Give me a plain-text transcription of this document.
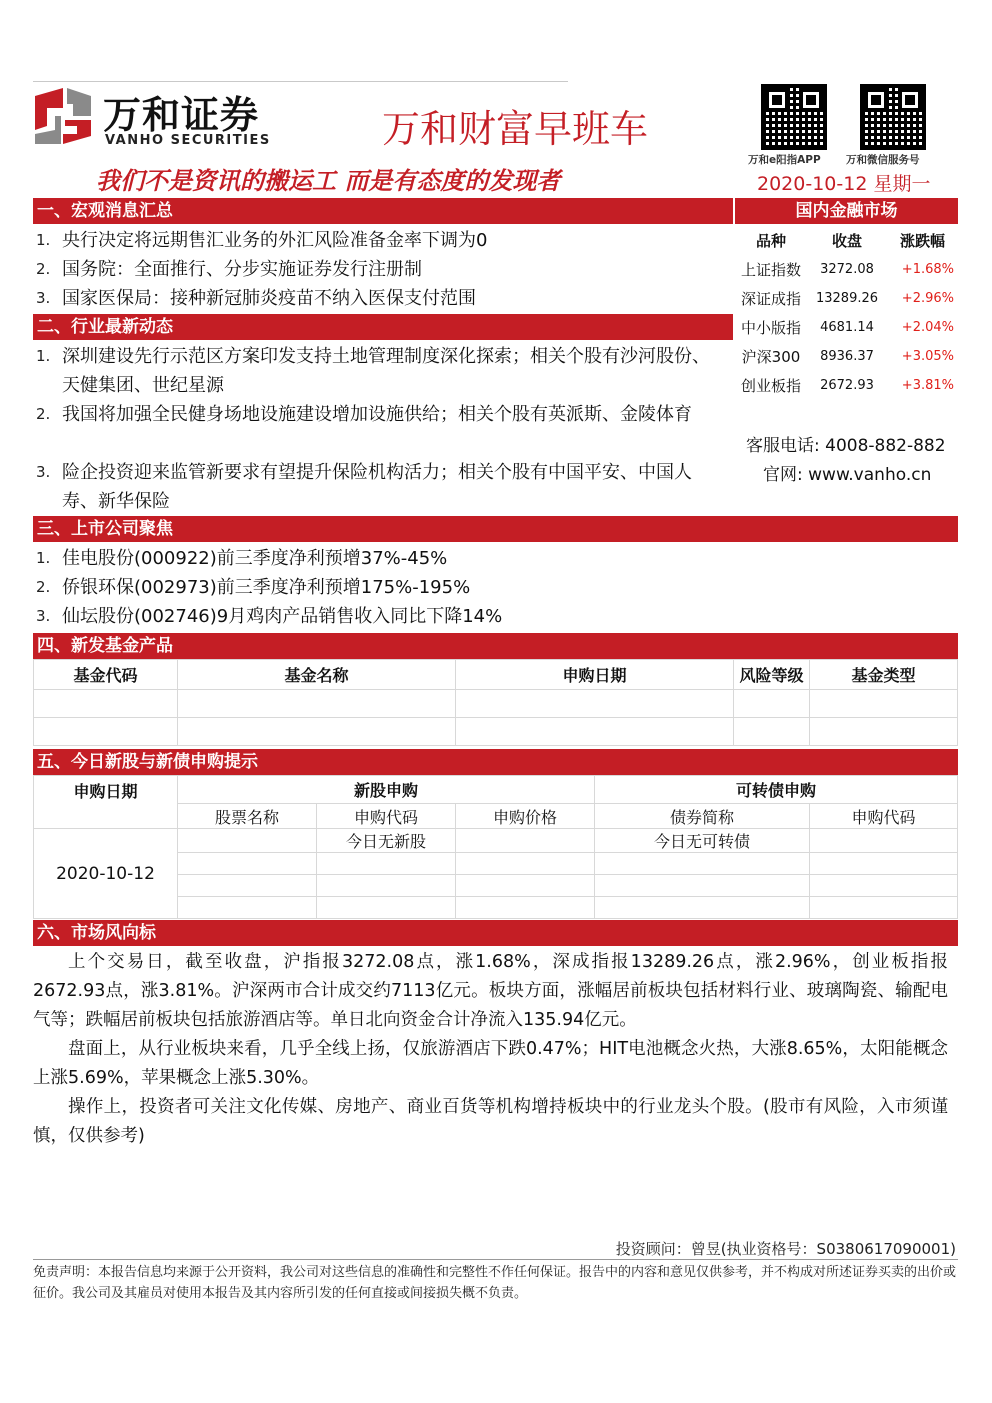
万和证券
VANHO SECURITIES	万和财富早班车
我们不是资讯的搬运工 而是有态度的发现者
万和e阳指APP 万和微信服务号
2020-10-12 星期一
一、宏观消息汇总	国内金融市场
1. 央行决定将远期售汇业务的外汇风险准备金率下调为0
2. 国务院：全面推行、分步实施证券发行注册制
3. 国家医保局：接种新冠肺炎疫苗不纳入医保支付范围
品种	收盘	涨跌幅
上证指数	3272.08	+1.68%
深证成指	13289.26	+2.96%
中小版指	4681.14	+2.04%
沪深300	8936.37	+3.05%
创业板指	2672.93	+3.81%
客服电话: 4008-882-882
官网: www.vanho.cn
二、行业最新动态
1. 深圳建设先行示范区方案印发支持土地管理制度深化探索；相关个股有沙河股份、天健集团、世纪星源
2. 我国将加强全民健身场地设施建设增加设施供给；相关个股有英派斯、金陵体育
3. 险企投资迎来监管新要求有望提升保险机构活力；相关个股有中国平安、中国人寿、新华保险
三、上市公司聚焦
1. 佳电股份(000922)前三季度净利预增37%-45%
2. 侨银环保(002973)前三季度净利预增175%-195%
3. 仙坛股份(002746)9月鸡肉产品销售收入同比下降14%
四、新发基金产品
基金代码	基金名称	申购日期	风险等级	基金类型

五、今日新股与新债申购提示
申购日期	新股申购			可转债申购	
	股票名称	申购代码	申购价格	债券简称	申购代码
2020-10-12		今日无新股		今日无可转债	

六、市场风向标

上个交易日，截至收盘，沪指报3272.08点，涨1.68%，深成指报13289.26点，涨2.96%，创业板指报2672.93点，涨3.81%。沪深两市合计成交约7113亿元。板块方面，涨幅居前板块包括材料行业、玻璃陶瓷、输配电气等；跌幅居前板块包括旅游酒店等。单日北向资金合计净流入135.94亿元。

盘面上，从行业板块来看，几乎全线上扬，仅旅游酒店下跌0.47%；HIT电池概念火热，大涨8.65%，太阳能概念上涨5.69%，苹果概念上涨5.30%。

操作上，投资者可关注文化传媒、房地产、商业百货等机构增持板块中的行业龙头个股。(股市有风险，入市须谨慎，仅供参考)

投资顾问：曾昱(执业资格号：S0380617090001)

免责声明：本报告信息均来源于公开资料，我公司对这些信息的准确性和完整性不作任何保证。报告中的内容和意见仅供参考，并不构成对所述证券买卖的出价或征价。我公司及其雇员对使用本报告及其内容所引发的任何直接或间接损失概不负责。
